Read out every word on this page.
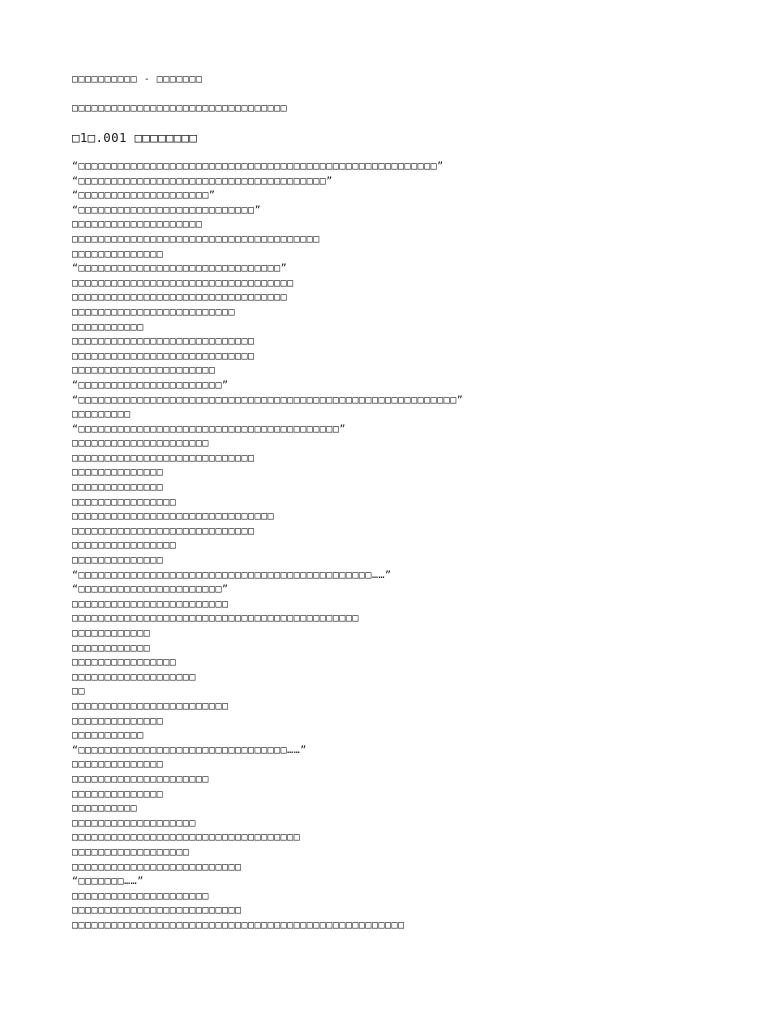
□□□□□□□□□□ - □□□□□□□
□□□□□□□□□□□□□□□□□□□□□□□□□□□□□□□□□
□1□.001 □□□□□□□□
“□□□□□□□□□□□□□□□□□□□□□□□□□□□□□□□□□□□□□□□□□□□□□□□□□□□□□□□”
“□□□□□□□□□□□□□□□□□□□□□□□□□□□□□□□□□□□□□□”
“□□□□□□□□□□□□□□□□□□□□”
“□□□□□□□□□□□□□□□□□□□□□□□□□□□”
□□□□□□□□□□□□□□□□□□□□
□□□□□□□□□□□□□□□□□□□□□□□□□□□□□□□□□□□□□□
□□□□□□□□□□□□□□
“□□□□□□□□□□□□□□□□□□□□□□□□□□□□□□□”
□□□□□□□□□□□□□□□□□□□□□□□□□□□□□□□□□□
□□□□□□□□□□□□□□□□□□□□□□□□□□□□□□□□□
□□□□□□□□□□□□□□□□□□□□□□□□□
□□□□□□□□□□□
□□□□□□□□□□□□□□□□□□□□□□□□□□□□
□□□□□□□□□□□□□□□□□□□□□□□□□□□□
□□□□□□□□□□□□□□□□□□□□□□
“□□□□□□□□□□□□□□□□□□□□□□”
“□□□□□□□□□□□□□□□□□□□□□□□□□□□□□□□□□□□□□□□□□□□□□□□□□□□□□□□□□□”
□□□□□□□□□
“□□□□□□□□□□□□□□□□□□□□□□□□□□□□□□□□□□□□□□□□”
□□□□□□□□□□□□□□□□□□□□□
□□□□□□□□□□□□□□□□□□□□□□□□□□□□
□□□□□□□□□□□□□□
□□□□□□□□□□□□□□
□□□□□□□□□□□□□□□□
□□□□□□□□□□□□□□□□□□□□□□□□□□□□□□□
□□□□□□□□□□□□□□□□□□□□□□□□□□□□
□□□□□□□□□□□□□□□□
□□□□□□□□□□□□□□
“□□□□□□□□□□□□□□□□□□□□□□□□□□□□□□□□□□□□□□□□□□□□□……”
“□□□□□□□□□□□□□□□□□□□□□□”
□□□□□□□□□□□□□□□□□□□□□□□□
□□□□□□□□□□□□□□□□□□□□□□□□□□□□□□□□□□□□□□□□□□□□
□□□□□□□□□□□□
□□□□□□□□□□□□
□□□□□□□□□□□□□□□□
□□□□□□□□□□□□□□□□□□□
□□
□□□□□□□□□□□□□□□□□□□□□□□□
□□□□□□□□□□□□□□
□□□□□□□□□□□
“□□□□□□□□□□□□□□□□□□□□□□□□□□□□□□□□……”
□□□□□□□□□□□□□□
□□□□□□□□□□□□□□□□□□□□□
□□□□□□□□□□□□□□
□□□□□□□□□□
□□□□□□□□□□□□□□□□□□□
□□□□□□□□□□□□□□□□□□□□□□□□□□□□□□□□□□□
□□□□□□□□□□□□□□□□□□
□□□□□□□□□□□□□□□□□□□□□□□□□□
“□□□□□□□……”
□□□□□□□□□□□□□□□□□□□□□
□□□□□□□□□□□□□□□□□□□□□□□□□□
□□□□□□□□□□□□□□□□□□□□□□□□□□□□□□□□□□□□□□□□□□□□□□□□□□□
